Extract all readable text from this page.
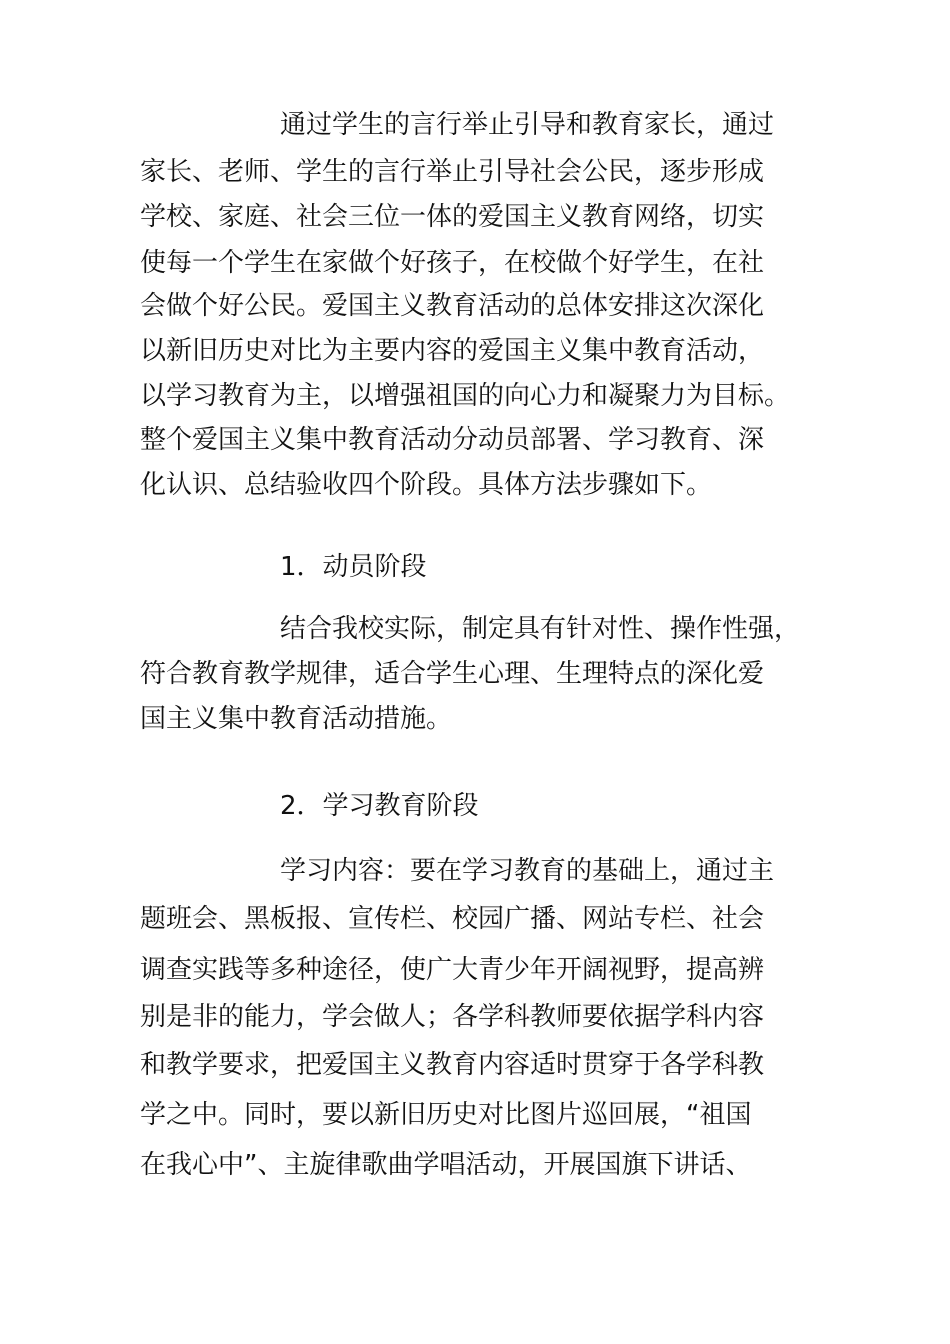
通过学生的言行举止引导和教育家长，通过
家长、老师、学生的言行举止引导社会公民，逐步形成
学校、家庭、社会三位一体的爱国主义教育网络，切实
使每一个学生在家做个好孩子，在校做个好学生，在社
会做个好公民。爱国主义教育活动的总体安排这次深化
以新旧历史对比为主要内容的爱国主义集中教育活动，
以学习教育为主，以增强祖国的向心力和凝聚力为目标。
整个爱国主义集中教育活动分动员部署、学习教育、深
化认识、总结验收四个阶段。具体方法步骤如下。
1．动员阶段
结合我校实际，制定具有针对性、操作性强，
符合教育教学规律，适合学生心理、生理特点的深化爱
国主义集中教育活动措施。
2．学习教育阶段
学习内容：要在学习教育的基础上，通过主
题班会、黑板报、宣传栏、校园广播、网站专栏、社会
调查实践等多种途径，使广大青少年开阔视野，提高辨
别是非的能力，学会做人；各学科教师要依据学科内容
和教学要求，把爱国主义教育内容适时贯穿于各学科教
学之中。同时，要以新旧历史对比图片巡回展，“祖国
在我心中”、主旋律歌曲学唱活动，开展国旗下讲话、
